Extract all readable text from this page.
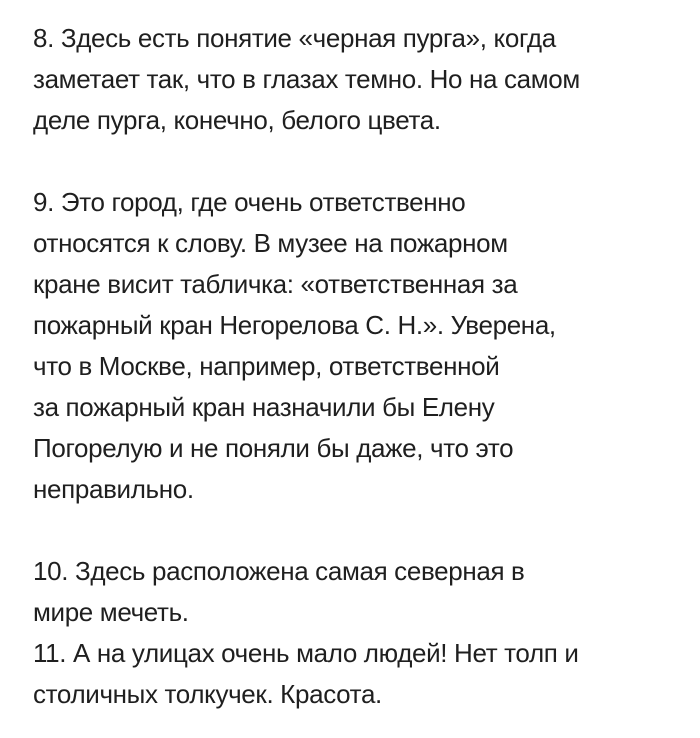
8. Здесь есть понятие «черная пурга», когда
заметает так, что в глазах темно. Но на самом
деле пурга, конечно, белого цвета.
9. Это город, где очень ответственно
относятся к слову. В музее на пожарном
кране висит табличка: «ответственная за
пожарный кран Негорелова С. Н.». Уверена,
что в Москве, например, ответственной
за пожарный кран назначили бы Елену
Погорелую и не поняли бы даже, что это
неправильно.
10. Здесь расположена самая северная в
мире мечеть.
11. А на улицах очень мало людей! Нет толп и
столичных толкучек. Красота.
